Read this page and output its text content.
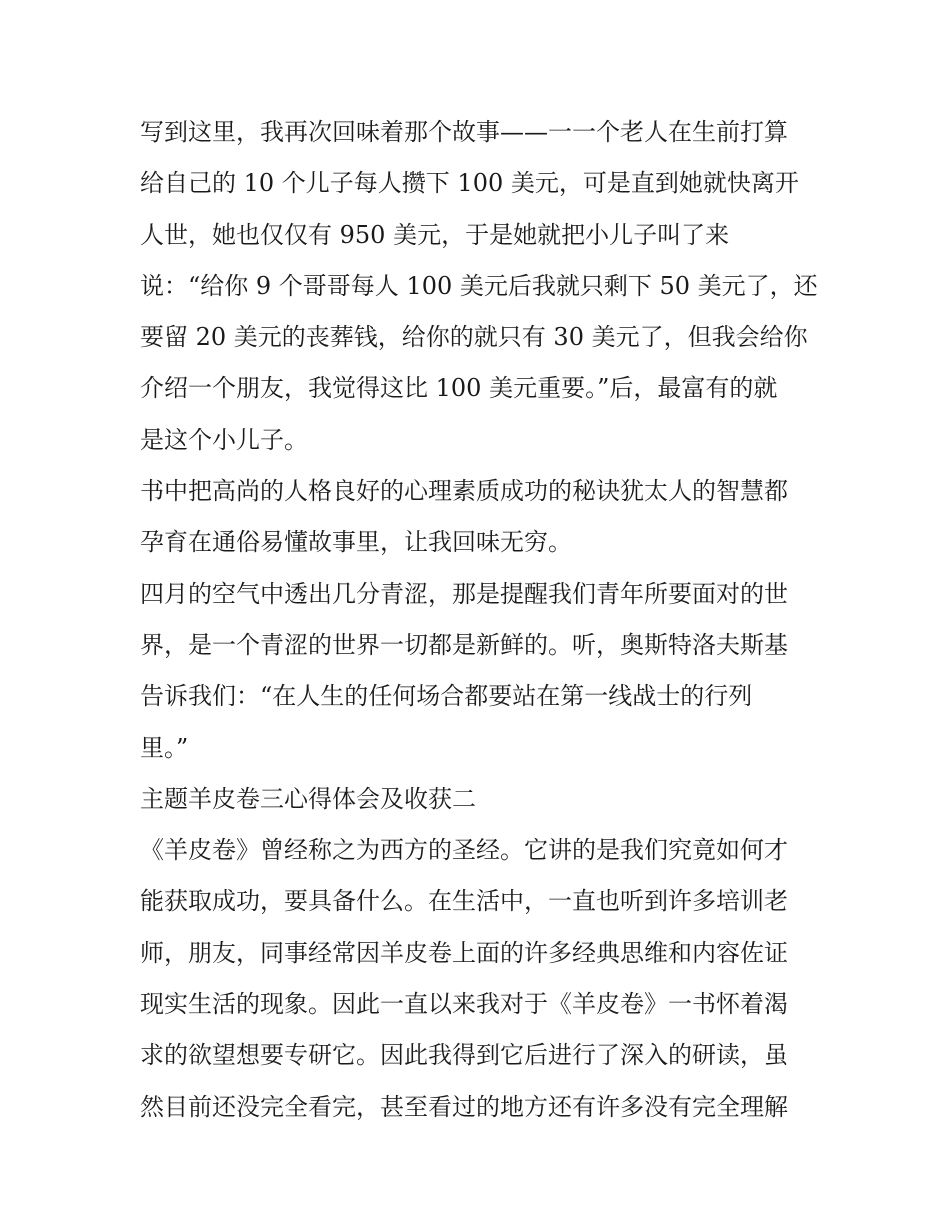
写到这里，我再次回味着那个故事——一一个老人在生前打算
给自己的 10 个儿子每人攒下 100 美元，可是直到她就快离开
人世，她也仅仅有 950 美元，于是她就把小儿子叫了来
说：“给你 9 个哥哥每人 100 美元后我就只剩下 50 美元了，还
要留 20 美元的丧葬钱，给你的就只有 30 美元了，但我会给你
介绍一个朋友，我觉得这比 100 美元重要。”后，最富有的就
是这个小儿子。
书中把高尚的人格良好的心理素质成功的秘诀犹太人的智慧都
孕育在通俗易懂故事里，让我回味无穷。
四月的空气中透出几分青涩，那是提醒我们青年所要面对的世
界，是一个青涩的世界一切都是新鲜的。听，奥斯特洛夫斯基
告诉我们：“在人生的任何场合都要站在第一线战士的行列
里。”
主题羊皮卷三心得体会及收获二
《羊皮卷》曾经称之为西方的圣经。它讲的是我们究竟如何才
能获取成功，要具备什么。在生活中，一直也听到许多培训老
师，朋友，同事经常因羊皮卷上面的许多经典思维和内容佐证
现实生活的现象。因此一直以来我对于《羊皮卷》一书怀着渴
求的欲望想要专研它。因此我得到它后进行了深入的研读，虽
然目前还没完全看完，甚至看过的地方还有许多没有完全理解
